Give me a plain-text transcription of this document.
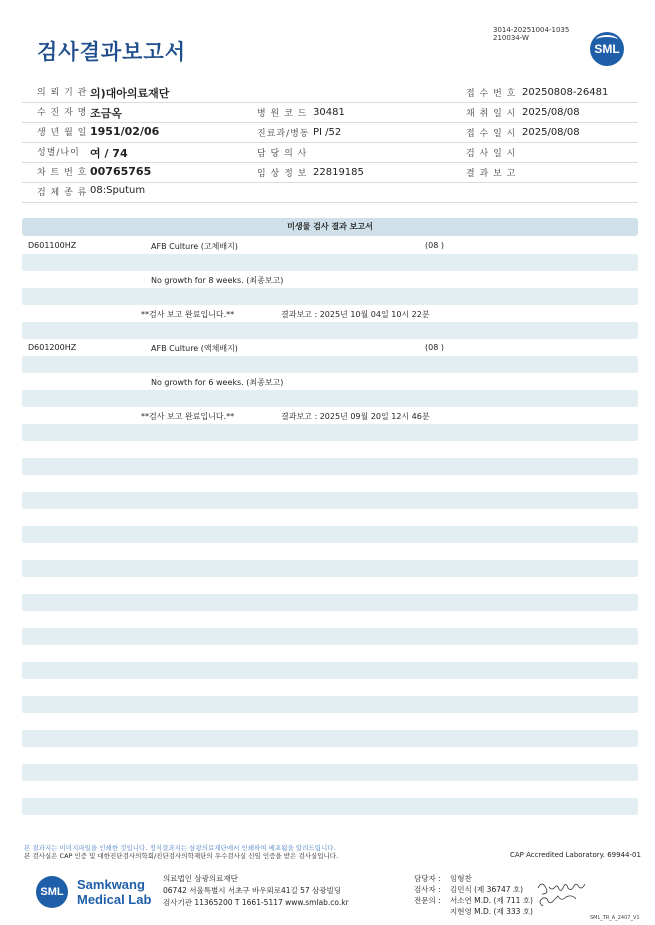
검사결과보고서
3014-20251004-1035
210034-W
SML
의 뢰 기 관 의)대아의료재단	접 수 번 호 20250808-26481
수 진 자 명 조금옥	병 원 코 드 30481	채 취 일 시 2025/08/08
생 년 월 일 1951/02/06	진료과/병동 PI /52	접 수 일 시 2025/08/08
성별/나이 여 / 74	담 당 의 사	검 사 일 시
차 트 번 호 00765765	임 상 정 보 22819185	결 과 보 고
검 체 종 류 08:Sputum
미생물 검사 결과 보고서
D601100HZ	AFB Culture (고체배지)	(08 )
No growth for 8 weeks. (최종보고)
**검사 보고 완료입니다.**	결과보고 : 2025년 10월 04일 10시 22분
D601200HZ	AFB Culture (액체배지)	(08 )
No growth for 6 weeks. (최종보고)
**검사 보고 완료입니다.**	결과보고 : 2025년 09월 20일 12시 46분
본 결과지는 이미지파일을 인쇄한 것입니다. 정식결과지는 삼광의료재단에서 인쇄하여 배포됨을 알려드립니다.
본 검사실은 CAP 인증 및 대한진단검사의학회/진단검사의학재단의 우수검사실 신임 인증을 받은 검사실입니다.	CAP Accredited Laboratory. 69944-01
SML	Samkwang
Medical Lab
의료법인 삼광의료재단
06742 서울특별시 서초구 바우뫼로41길 57 삼광빌딩
검사기관 11365200 T 1661-5117 www.smlab.co.kr
담당자 : 임형찬
검사자 : 김민식 (제 36747 호)
전문의 : 서소연 M.D. (제 711 호)
지현영 M.D. (제 333 호)
SML_TR_A_2407_V1
